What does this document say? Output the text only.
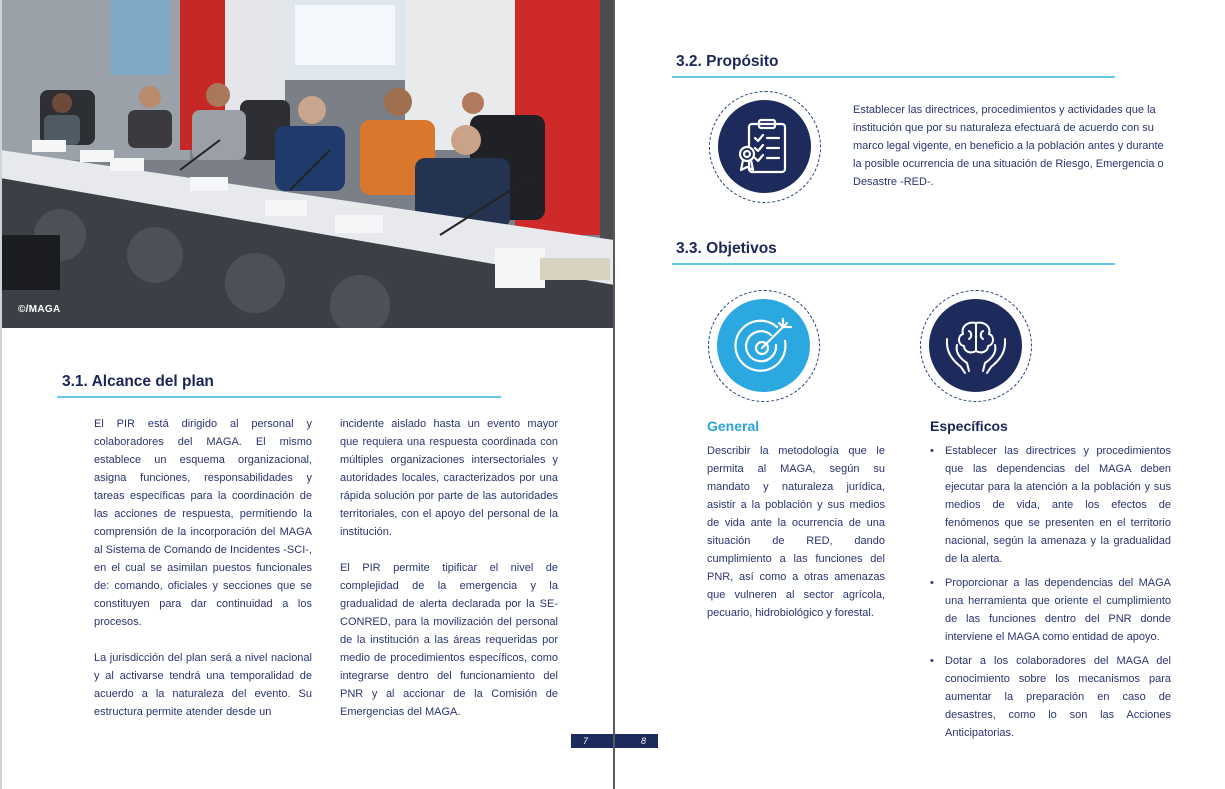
©/MAGA
3.1. Alcance del plan

El PIR está dirigido al personal y colaboradores del MAGA. El mismo establece un esquema organizacional, asigna funciones, responsabilidades y tareas específicas para la coordinación de las acciones de respuesta, permitiendo la comprensión de la incorporación del MAGA al Sistema de Comando de Incidentes -SCI-, en el cual se asimilan puestos funcionales de: comando, oficiales y secciones que se constituyen para dar continuidad a los procesos.

La jurisdicción del plan será a nivel nacional y al activarse tendrá una temporalidad de acuerdo a la naturaleza del evento. Su estructura permite atender desde un

incidente aislado hasta un evento mayor que requiera una respuesta coordinada con múltiples organizaciones intersectoriales y autoridades locales, caracterizados por una rápida solución por parte de las autoridades territoriales, con el apoyo del personal de la institución.

El PIR permite tipificar el nivel de complejidad de la emergencia y la gradualidad de alerta declarada por la SE-CONRED, para la movilización del personal de la institución a las áreas requeridas por medio de procedimientos específicos, como integrarse dentro del funcionamiento del PNR y al accionar de la Comisión de Emergencias del MAGA.

7	8
3.2. Propósito
Establecer las directrices, procedimientos y actividades que la institución que por su naturaleza efectuará de acuerdo con su marco legal vigente, en beneficio a la población antes y durante la posible ocurrencia de una situación de Riesgo, Emergencia o Desastre -RED-.
3.3. Objetivos
General	Específicos
Describir la metodología que le permita al MAGA, según su mandato y naturaleza jurídica, asistir a la población y sus medios de vida ante la ocurrencia de una situación de RED, dando cumplimiento a las funciones del PNR, así como a otras amenazas que vulneren al sector agrícola, pecuario, hidrobiológico y forestal.
• Establecer las directrices y procedimientos que las dependencias del MAGA deben ejecutar para la atención a la población y sus medios de vida, ante los efectos de fenómenos que se presenten en el territorio nacional, según la amenaza y la gradualidad de la alerta.
• Proporcionar a las dependencias del MAGA una herramienta que oriente el cumplimiento de las funciones dentro del PNR donde interviene el MAGA como entidad de apoyo.
• Dotar a los colaboradores del MAGA del conocimiento sobre los mecanismos para aumentar la preparación en caso de desastres, como lo son las Acciones Anticipatorias.
